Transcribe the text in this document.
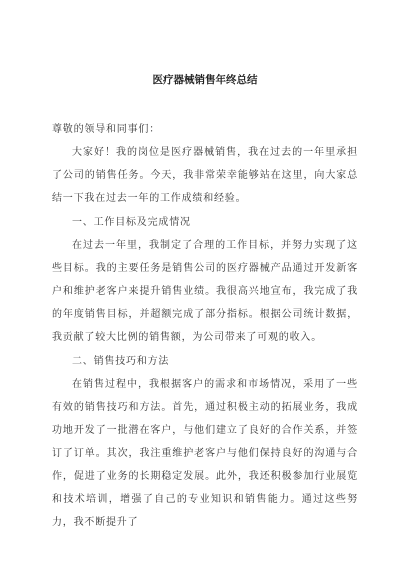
医疗器械销售年终总结

尊敬的领导和同事们：

大家好！我的岗位是医疗器械销售，我在过去的一年里承担了公司的销售任务。今天，我非常荣幸能够站在这里，向大家总结一下我在过去一年的工作成绩和经验。

一、工作目标及完成情况

在过去一年里，我制定了合理的工作目标，并努力实现了这些目标。我的主要任务是销售公司的医疗器械产品通过开发新客户和维护老客户来提升销售业绩。我很高兴地宣布，我完成了我的年度销售目标，并超额完成了部分指标。根据公司统计数据，我贡献了较大比例的销售额，为公司带来了可观的收入。

二、销售技巧和方法

在销售过程中，我根据客户的需求和市场情况，采用了一些有效的销售技巧和方法。首先，通过积极主动的拓展业务，我成功地开发了一批潜在客户，与他们建立了良好的合作关系，并签订了订单。其次，我注重维护老客户与他们保持良好的沟通与合作，促进了业务的长期稳定发展。此外，我还积极参加行业展览和技术培训，增强了自己的专业知识和销售能力。通过这些努力，我不断提升了
